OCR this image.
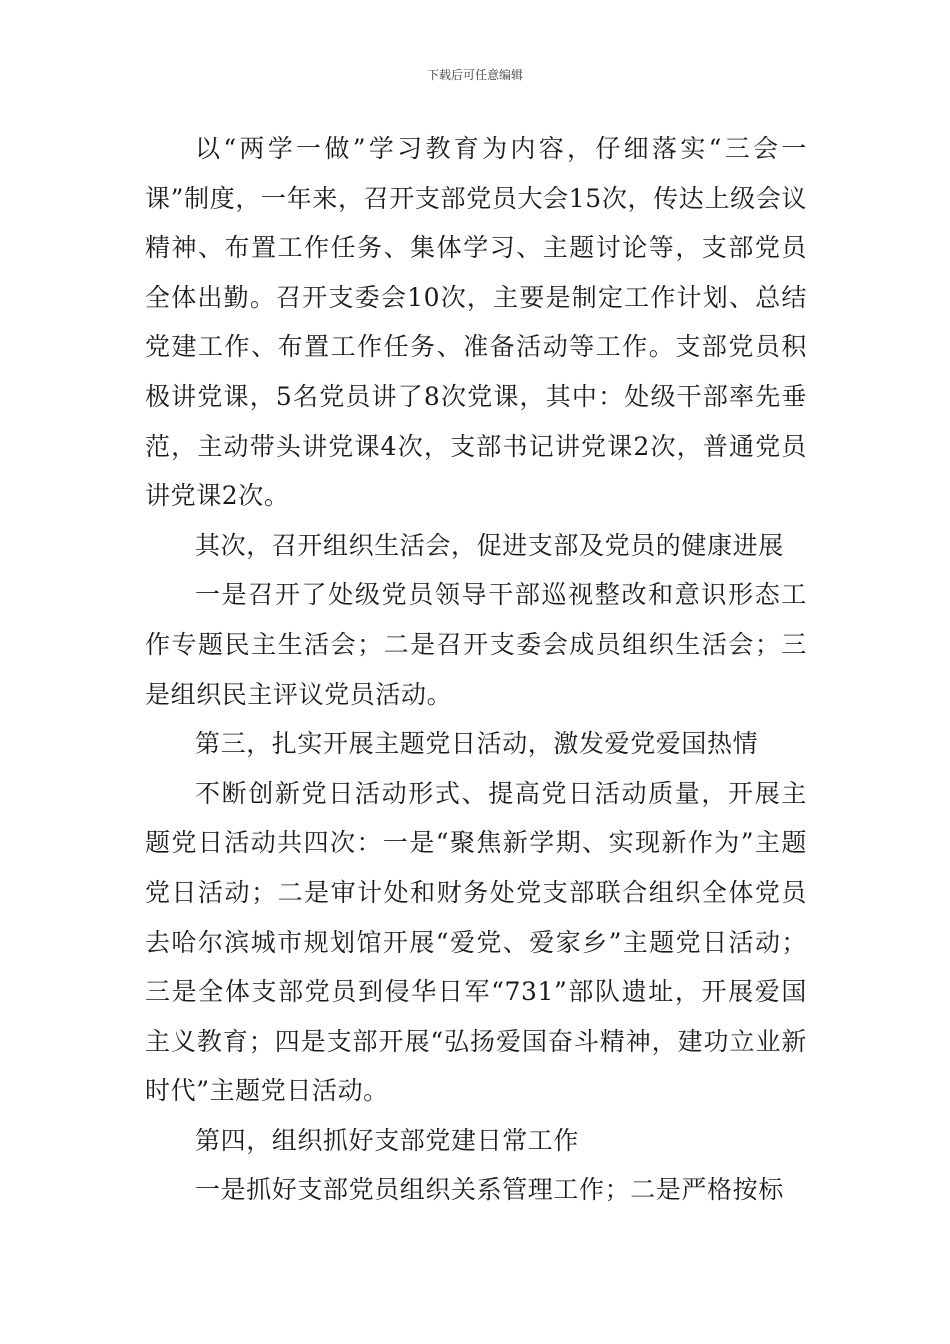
下载后可任意编辑

以“两学一做”学习教育为内容，仔细落实“三会一课”制度，一年来，召开支部党员大会15次，传达上级会议精神、布置工作任务、集体学习、主题讨论等，支部党员全体出勤。召开支委会10次，主要是制定工作计划、总结党建工作、布置工作任务、准备活动等工作。支部党员积极讲党课，5名党员讲了8次党课，其中：处级干部率先垂范，主动带头讲党课4次，支部书记讲党课2次，普通党员讲党课2次。

其次，召开组织生活会，促进支部及党员的健康进展

一是召开了处级党员领导干部巡视整改和意识形态工作专题民主生活会；二是召开支委会成员组织生活会；三是组织民主评议党员活动。

第三，扎实开展主题党日活动，激发爱党爱国热情

不断创新党日活动形式、提高党日活动质量，开展主题党日活动共四次：一是“聚焦新学期、实现新作为”主题党日活动；二是审计处和财务处党支部联合组织全体党员去哈尔滨城市规划馆开展“爱党、爱家乡”主题党日活动；三是全体支部党员到侵华日军“731”部队遗址，开展爱国主义教育；四是支部开展“弘扬爱国奋斗精神，建功立业新时代”主题党日活动。

第四，组织抓好支部党建日常工作

一是抓好支部党员组织关系管理工作；二是严格按标
